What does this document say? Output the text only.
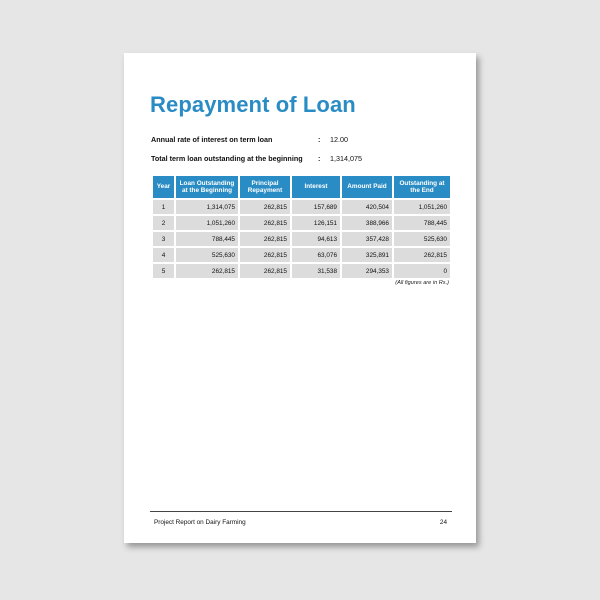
Repayment of Loan
Annual rate of interest on term loan	: 12.00
Total term loan outstanding at the beginning : 1,314,075
Year	Loan Outstanding at the Beginning	Principal Repayment	Interest	Amount Paid	Outstanding at the End
1	1,314,075	262,815	157,689	420,504	1,051,260
2	1,051,260	262,815	126,151	388,966	788,445
3	788,445	262,815	94,613	357,428	525,630
4	525,630	262,815	63,076	325,891	262,815
5	262,815	262,815	31,538	294,353	0
(All figures are in Rs.)
Project Report on Dairy Farming	24
